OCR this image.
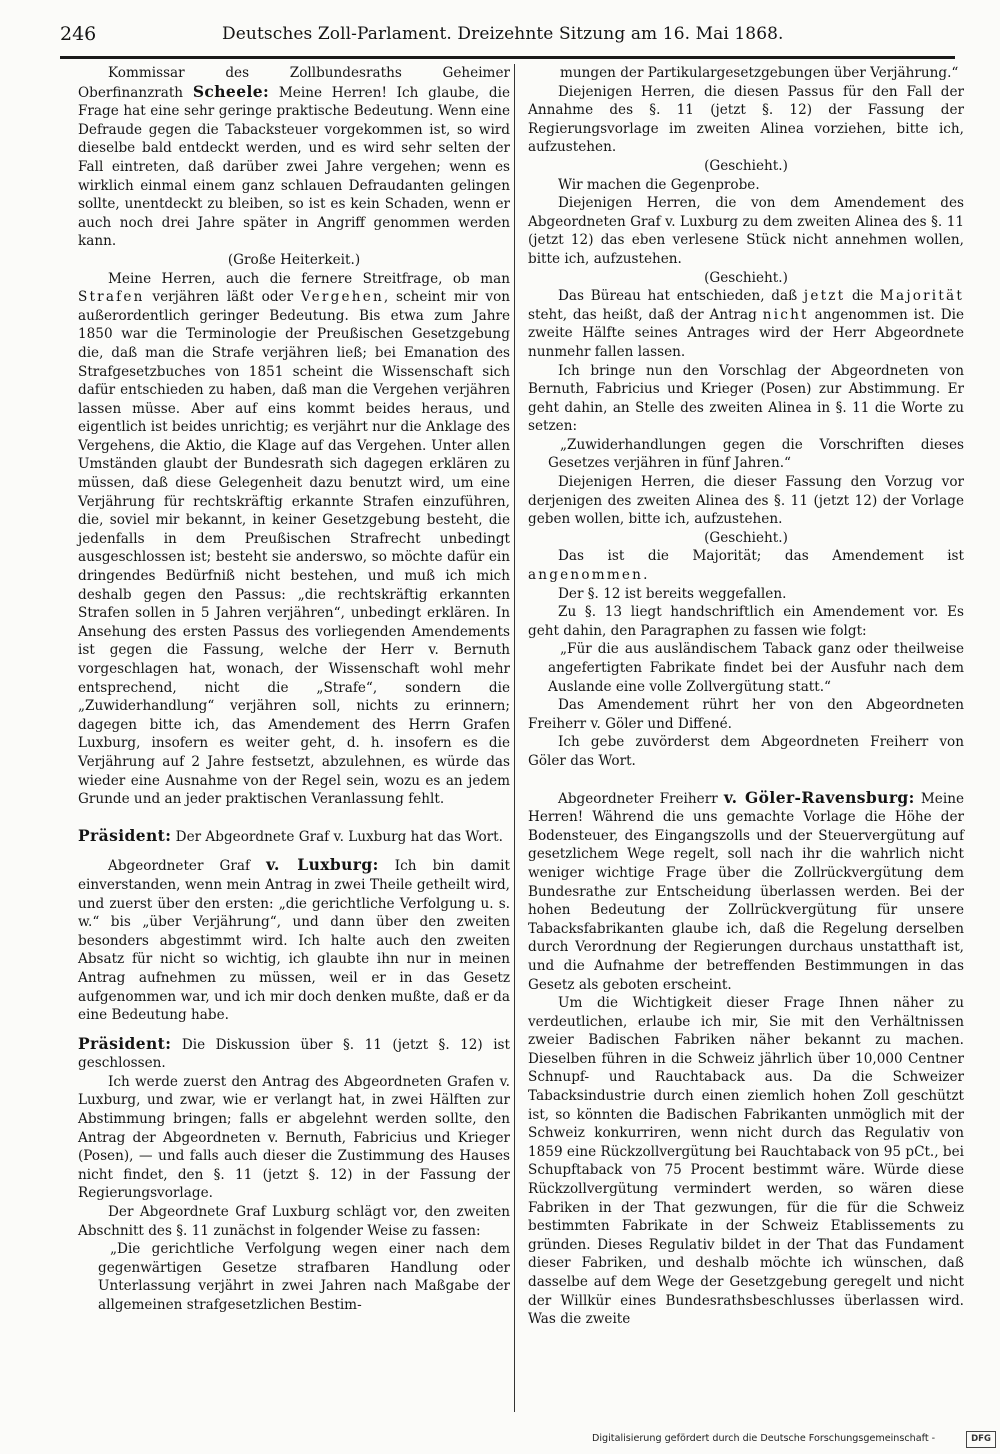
246	Deutsches Zoll-Parlament. Dreizehnte Sitzung am 16. Mai 1868.

Kommissar des Zollbundesraths Geheimer Oberfinanzrath Scheele: Meine Herren! Ich glaube, die Frage hat eine sehr geringe praktische Bedeutung. Wenn eine Defraude gegen die Tabacksteuer vorgekommen ist, so wird dieselbe bald entdeckt werden, und es wird sehr selten der Fall eintreten, daß darüber zwei Jahre vergehen; wenn es wirklich einmal einem ganz schlauen Defraudanten gelingen sollte, unentdeckt zu bleiben, so ist es kein Schaden, wenn er auch noch drei Jahre später in Angriff genommen werden kann.

(Große Heiterkeit.)

Meine Herren, auch die fernere Streitfrage, ob man Strafen verjähren läßt oder Vergehen, scheint mir von außerordentlich geringer Bedeutung. Bis etwa zum Jahre 1850 war die Terminologie der Preußischen Gesetzgebung die, daß man die Strafe verjähren ließ; bei Emanation des Strafgesetzbuches von 1851 scheint die Wissenschaft sich dafür entschieden zu haben, daß man die Vergehen verjähren lassen müsse. Aber auf eins kommt beides heraus, und eigentlich ist beides unrichtig; es verjährt nur die Anklage des Vergehens, die Aktio, die Klage auf das Vergehen. Unter allen Umständen glaubt der Bundesrath sich dagegen erklären zu müssen, daß diese Gelegenheit dazu benutzt wird, um eine Verjährung für rechtskräftig erkannte Strafen einzuführen, die, soviel mir bekannt, in keiner Gesetzgebung besteht, die jedenfalls in dem Preußischen Strafrecht unbedingt ausgeschlossen ist; besteht sie anderswo, so möchte dafür ein dringendes Bedürfniß nicht bestehen, und muß ich mich deshalb gegen den Passus: „die rechtskräftig erkannten Strafen sollen in 5 Jahren verjähren“, unbedingt erklären. In Ansehung des ersten Passus des vorliegenden Amendements ist gegen die Fassung, welche der Herr v. Bernuth vorgeschlagen hat, wonach, der Wissenschaft wohl mehr entsprechend, nicht die „Strafe“, sondern die „Zuwiderhandlung“ verjähren soll, nichts zu erinnern; dagegen bitte ich, das Amendement des Herrn Grafen Luxburg, insofern es weiter geht, d. h. insofern es die Verjährung auf 2 Jahre festsetzt, abzulehnen, es würde das wieder eine Ausnahme von der Regel sein, wozu es an jedem Grunde und an jeder praktischen Veranlassung fehlt.

Präsident: Der Abgeordnete Graf v. Luxburg hat das Wort.

Abgeordneter Graf v. Luxburg: Ich bin damit einverstanden, wenn mein Antrag in zwei Theile getheilt wird, und zuerst über den ersten: „die gerichtliche Verfolgung u. s. w.“ bis „über Verjährung“, und dann über den zweiten besonders abgestimmt wird. Ich halte auch den zweiten Absatz für nicht so wichtig, ich glaubte ihn nur in meinen Antrag aufnehmen zu müssen, weil er in das Gesetz aufgenommen war, und ich mir doch denken mußte, daß er da eine Bedeutung habe.

Präsident: Die Diskussion über §. 11 (jetzt §. 12) ist geschlossen.

Ich werde zuerst den Antrag des Abgeordneten Grafen v. Luxburg, und zwar, wie er verlangt hat, in zwei Hälften zur Abstimmung bringen; falls er abgelehnt werden sollte, den Antrag der Abgeordneten v. Bernuth, Fabricius und Krieger (Posen), — und falls auch dieser die Zustimmung des Hauses nicht findet, den §. 11 (jetzt §. 12) in der Fassung der Regierungsvorlage.

Der Abgeordnete Graf Luxburg schlägt vor, den zweiten Abschnitt des §. 11 zunächst in folgender Weise zu fassen:

„Die gerichtliche Verfolgung wegen einer nach dem gegenwärtigen Gesetze strafbaren Handlung oder Unterlassung verjährt in zwei Jahren nach Maßgabe der allgemeinen strafgesetzlichen Bestim-

mungen der Partikulargesetzgebungen über Verjährung.“

Diejenigen Herren, die diesen Passus für den Fall der Annahme des §. 11 (jetzt §. 12) der Fassung der Regierungsvorlage im zweiten Alinea vorziehen, bitte ich, aufzustehen.

(Geschieht.)

Wir machen die Gegenprobe.

Diejenigen Herren, die von dem Amendement des Abgeordneten Graf v. Luxburg zu dem zweiten Alinea des §. 11 (jetzt 12) das eben verlesene Stück nicht annehmen wollen, bitte ich, aufzustehen.

(Geschieht.)

Das Büreau hat entschieden, daß jetzt die Majorität steht, das heißt, daß der Antrag nicht angenommen ist. Die zweite Hälfte seines Antrages wird der Herr Abgeordnete nunmehr fallen lassen.

Ich bringe nun den Vorschlag der Abgeordneten von Bernuth, Fabricius und Krieger (Posen) zur Abstimmung. Er geht dahin, an Stelle des zweiten Alinea in §. 11 die Worte zu setzen:

„Zuwiderhandlungen gegen die Vorschriften dieses Gesetzes verjähren in fünf Jahren.“

Diejenigen Herren, die dieser Fassung den Vorzug vor derjenigen des zweiten Alinea des §. 11 (jetzt 12) der Vorlage geben wollen, bitte ich, aufzustehen.

(Geschieht.)

Das ist die Majorität; das Amendement ist angenommen.

Der §. 12 ist bereits weggefallen.

Zu §. 13 liegt handschriftlich ein Amendement vor. Es geht dahin, den Paragraphen zu fassen wie folgt:

„Für die aus ausländischem Taback ganz oder theilweise angefertigten Fabrikate findet bei der Ausfuhr nach dem Auslande eine volle Zollvergütung statt.“

Das Amendement rührt her von den Abgeordneten Freiherr v. Göler und Diffené.

Ich gebe zuvörderst dem Abgeordneten Freiherr von Göler das Wort.

Abgeordneter Freiherr v. Göler-Ravensburg: Meine Herren! Während die uns gemachte Vorlage die Höhe der Bodensteuer, des Eingangszolls und der Steuervergütung auf gesetzlichem Wege regelt, soll nach ihr die wahrlich nicht weniger wichtige Frage über die Zollrückvergütung dem Bundesrathe zur Entscheidung überlassen werden. Bei der hohen Bedeutung der Zollrückvergütung für unsere Tabacksfabrikanten glaube ich, daß die Regelung derselben durch Verordnung der Regierungen durchaus unstatthaft ist, und die Aufnahme der betreffenden Bestimmungen in das Gesetz als geboten erscheint.

Um die Wichtigkeit dieser Frage Ihnen näher zu verdeutlichen, erlaube ich mir, Sie mit den Verhältnissen zweier Badischen Fabriken näher bekannt zu machen. Dieselben führen in die Schweiz jährlich über 10,000 Centner Schnupf- und Rauchtaback aus. Da die Schweizer Tabacksindustrie durch einen ziemlich hohen Zoll geschützt ist, so könnten die Badischen Fabrikanten unmöglich mit der Schweiz konkurriren, wenn nicht durch das Regulativ von 1859 eine Rückzollvergütung bei Rauchtaback von 95 pCt., bei Schupftaback von 75 Procent bestimmt wäre. Würde diese Rückzollvergütung vermindert werden, so wären diese Fabriken in der That gezwungen, für die für die Schweiz bestimmten Fabrikate in der Schweiz Etablissements zu gründen. Dieses Regulativ bildet in der That das Fundament dieser Fabriken, und deshalb möchte ich wünschen, daß dasselbe auf dem Wege der Gesetzgebung geregelt und nicht der Willkür eines Bundesrathsbeschlusses überlassen wird. Was die zweite

Digitalisierung gefördert durch die Deutsche Forschungsgemeinschaft -	DFG
